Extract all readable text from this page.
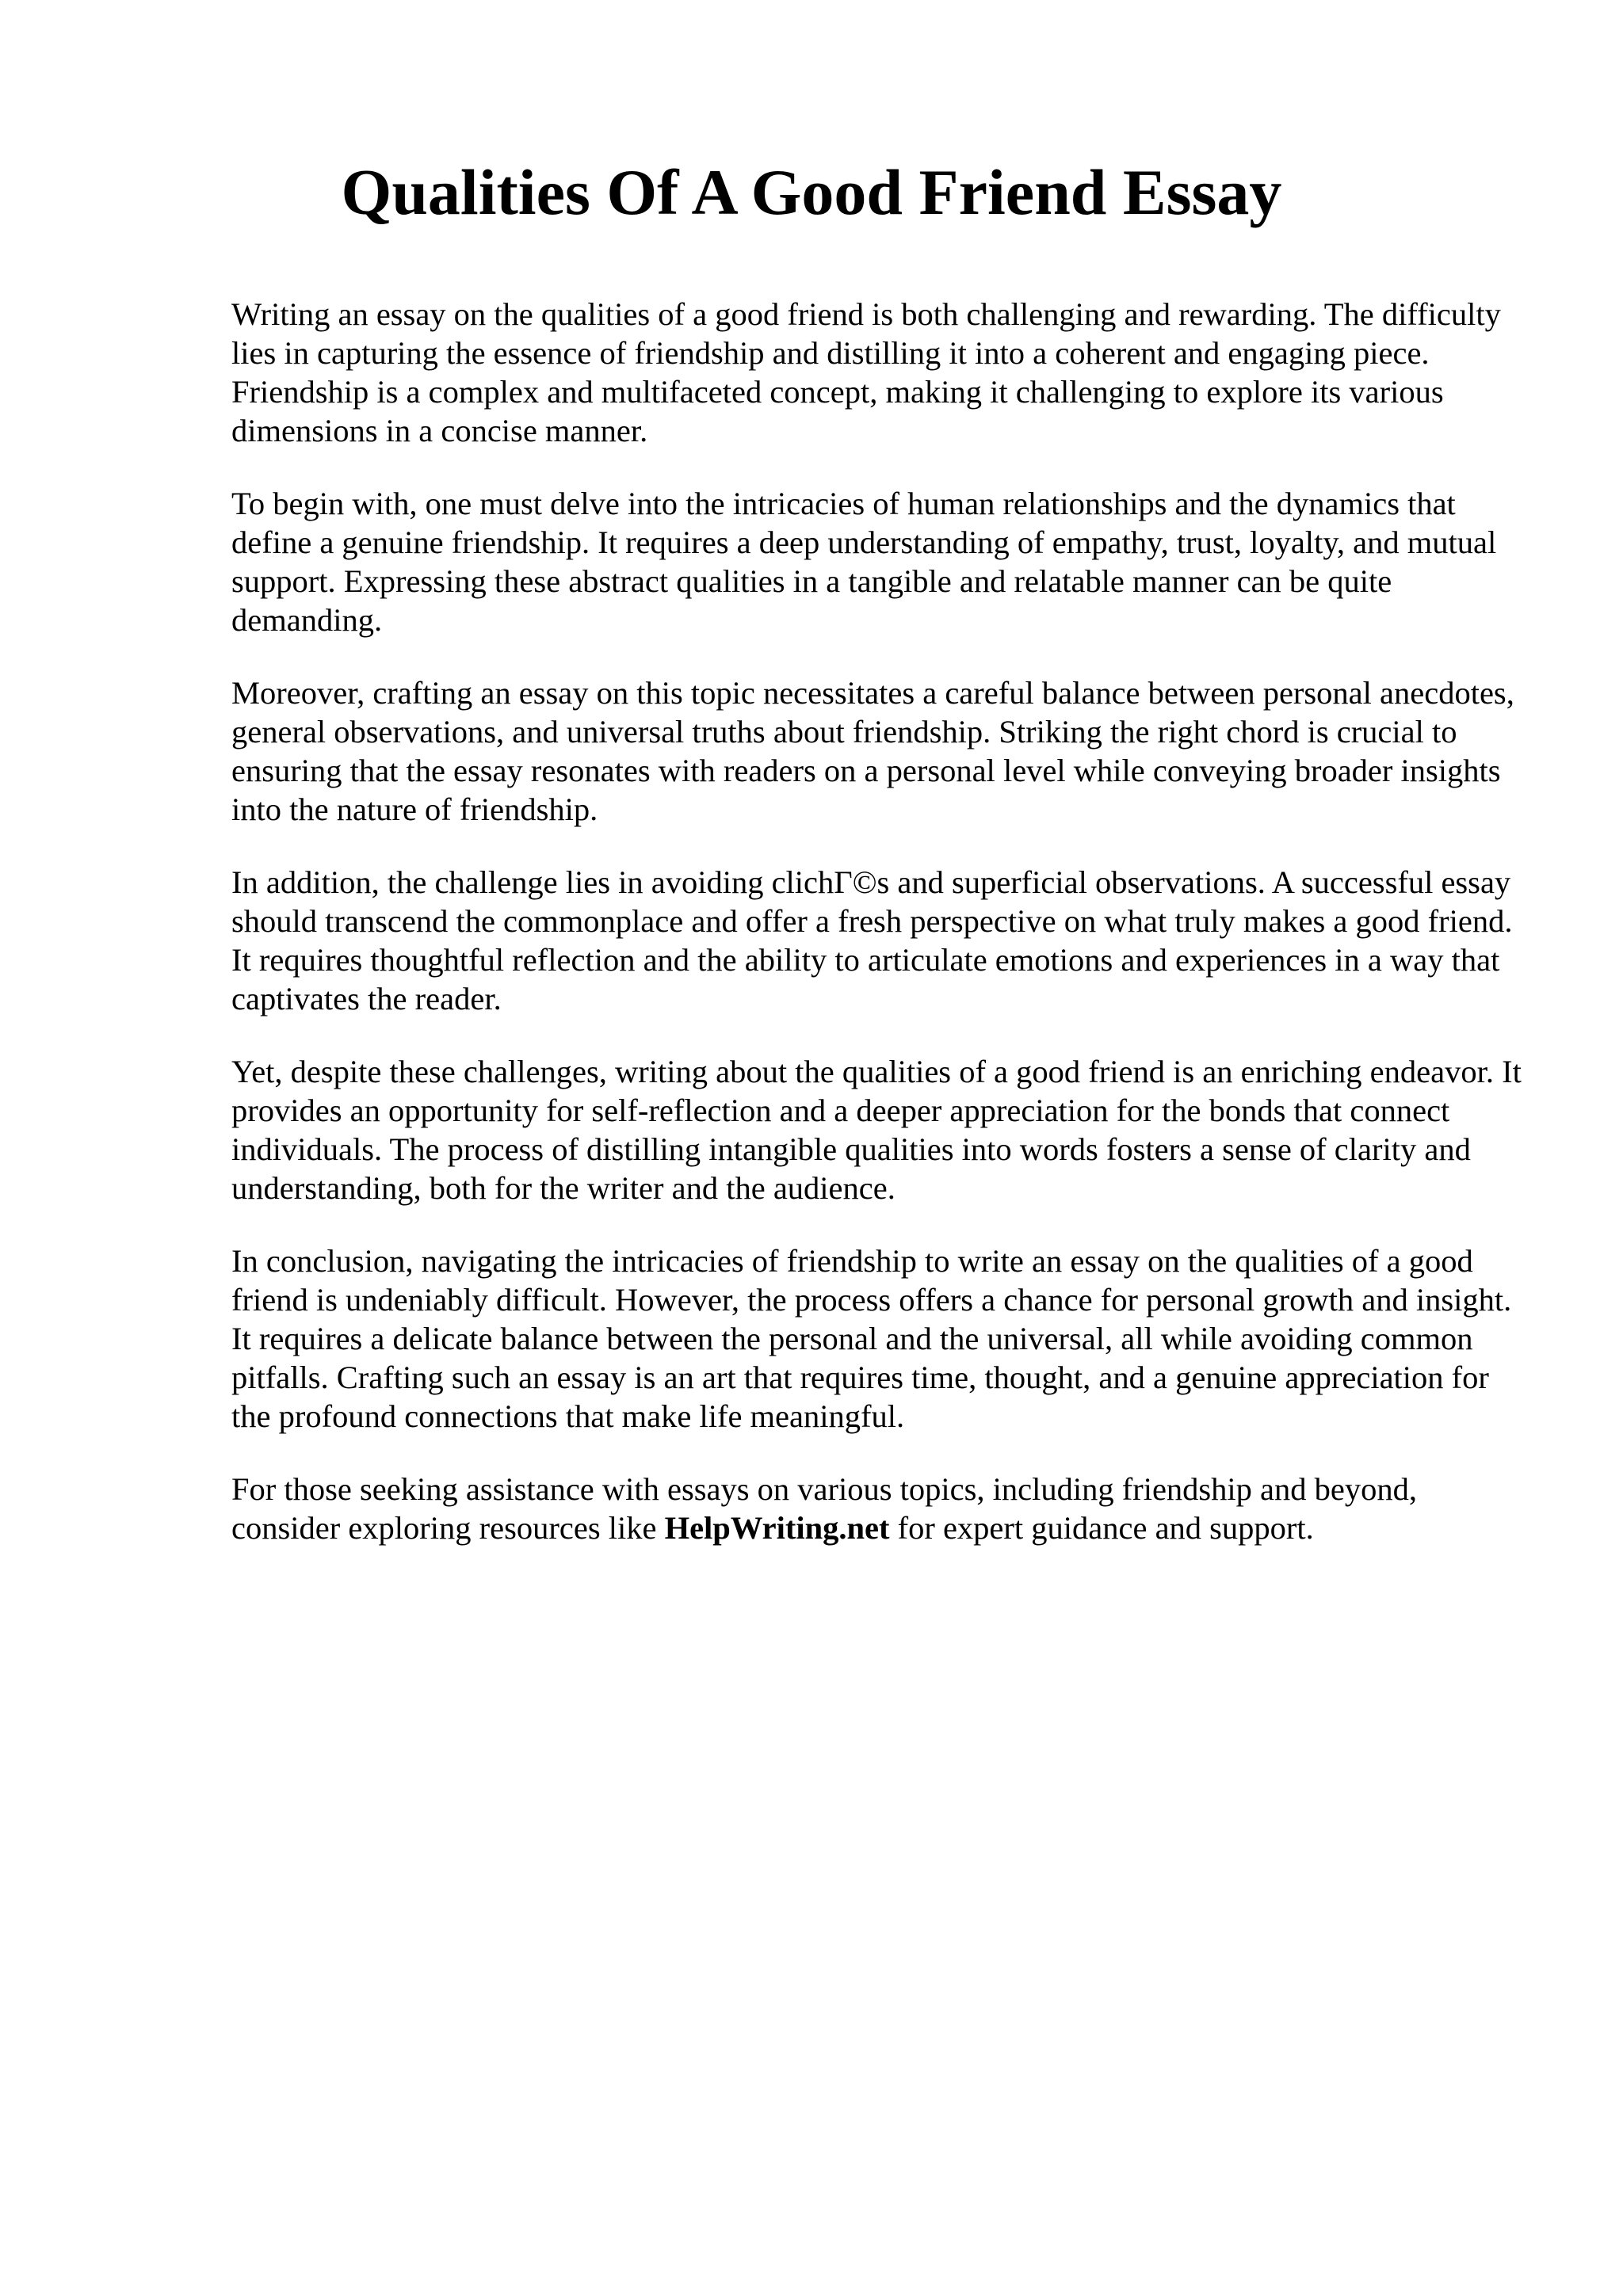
Qualities Of A Good Friend Essay

Writing an essay on the qualities of a good friend is both challenging and rewarding. The difficulty lies in capturing the essence of friendship and distilling it into a coherent and engaging piece. Friendship is a complex and multifaceted concept, making it challenging to explore its various dimensions in a concise manner.

To begin with, one must delve into the intricacies of human relationships and the dynamics that define a genuine friendship. It requires a deep understanding of empathy, trust, loyalty, and mutual support. Expressing these abstract qualities in a tangible and relatable manner can be quite demanding.

Moreover, crafting an essay on this topic necessitates a careful balance between personal anecdotes, general observations, and universal truths about friendship. Striking the right chord is crucial to ensuring that the essay resonates with readers on a personal level while conveying broader insights into the nature of friendship.

In addition, the challenge lies in avoiding clichГ©s and superficial observations. A successful essay should transcend the commonplace and offer a fresh perspective on what truly makes a good friend. It requires thoughtful reflection and the ability to articulate emotions and experiences in a way that captivates the reader.

Yet, despite these challenges, writing about the qualities of a good friend is an enriching endeavor. It provides an opportunity for self-reflection and a deeper appreciation for the bonds that connect individuals. The process of distilling intangible qualities into words fosters a sense of clarity and understanding, both for the writer and the audience.

In conclusion, navigating the intricacies of friendship to write an essay on the qualities of a good friend is undeniably difficult. However, the process offers a chance for personal growth and insight. It requires a delicate balance between the personal and the universal, all while avoiding common pitfalls. Crafting such an essay is an art that requires time, thought, and a genuine appreciation for the profound connections that make life meaningful.

For those seeking assistance with essays on various topics, including friendship and beyond, consider exploring resources like HelpWriting.net for expert guidance and support.
